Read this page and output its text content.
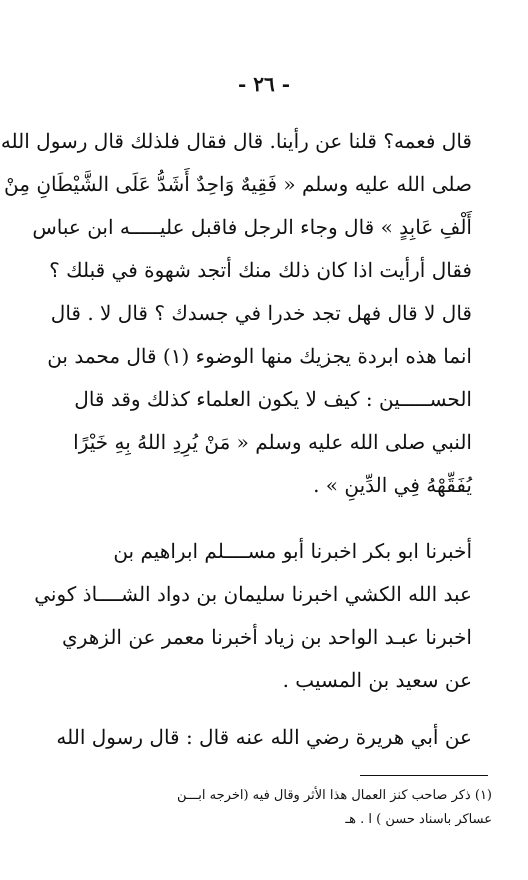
- ٢٦ -
قال فعمه؟ قلنا عن رأينا. قال فقال فلذلك قال رسول الله
صلى الله عليه وسلم « فَقِيهٌ وَاحِدٌ أَشَدُّ عَلَى الشَّيْطَانِ مِنْ
أَلْفِ عَابِدٍ » قال وجاء الرجل فاقبل عليـــــه ابن عباس
فقال أرأيت اذا كان ذلك منك أتجد شهوة في قبلك ؟
قال لا قال فهل تجد خدرا في جسدك ؟ قال لا . قال
انما هذه ابردة يجزيك منها الوضوء (١) قال محمد بن
الحســـــين : كيف لا يكون العلماء كذلك وقد قال
النبي صلى الله عليه وسلم « مَنْ يُرِدِ اللهُ بِهِ خَيْرًا
يُفَقِّهْهُ فِي الدِّينِ » .
أخبرنا ابو بكر اخبرنا أبو مســــلم ابراهيم بن
عبد الله الكشي اخبرنا سليمان بن دواد الشــــاذ كوني
اخبرنا عبـد الواحد بن زياد أخبرنا معمر عن الزهري
عن سعيد بن المسيب .
عن أبي هريرة رضي الله عنه قال : قال رسول الله
(١) ذكر صاحب كنز العمال هذا الأثر وقال فيه (اخرجه ابـــن
عساكر باسناد حسن ) ا . هـ
